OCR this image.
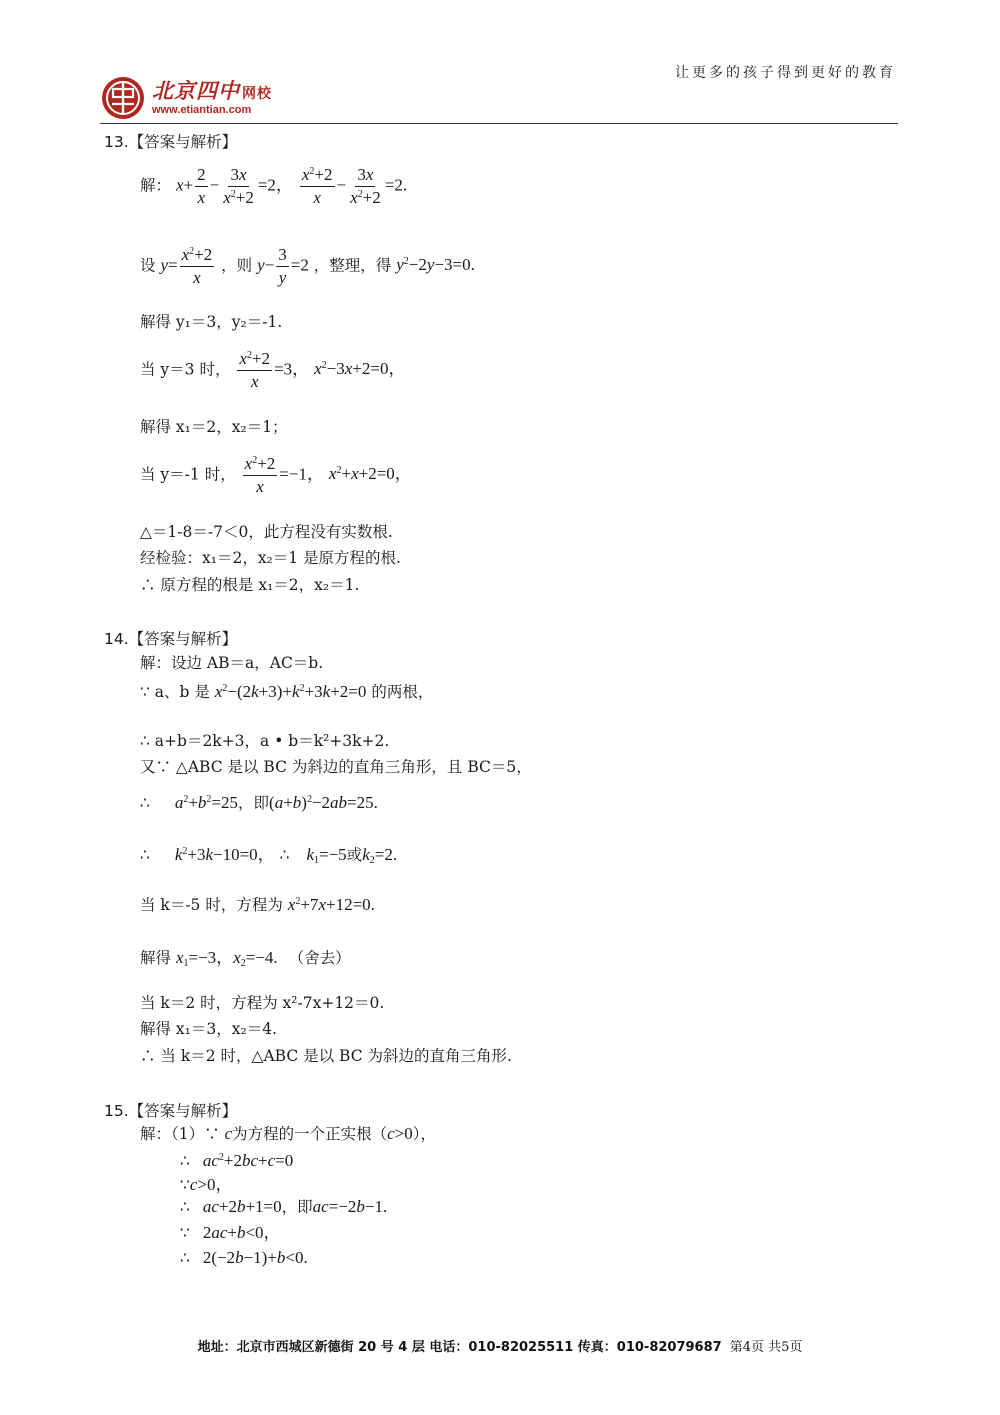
北京四中 网校
www.etiantian.com
让更多的孩子得到更好的教育
13.【答案与解析】
解： $x+ \frac{2}{x} - \frac{3x}{x^2+2} =2$， $\frac{x^2+2}{x} - \frac{3x}{x^2+2} =2$.
设 $y= \frac{x^2+2}{x}$ ，则 $y- \frac{3}{y} =2$ ，整理，得 $y^2-2y-3=0$.
解得 y₁＝3，y₂＝-1.
当 y＝3 时， $\frac{x^2+2}{x} =3$， $x^2-3x+2=0$，
解得 x₁＝2，x₂＝1；
当 y＝-1 时， $\frac{x^2+2}{x} =-1$， $x^2+x+2=0$，
△＝1-8＝-7＜0，此方程没有实数根.
经检验：x₁＝2，x₂＝1 是原方程的根.
∴ 原方程的根是 x₁＝2，x₂＝1.
14.【答案与解析】
解：设边 AB＝a，AC＝b.
∵ a、b 是 $x^2-(2k+3)+k^2+3k+2=0$ 的两根，
∴ a+b＝2k+3，a • b＝k²+3k+2.
又∵ △ABC 是以 BC 为斜边的直角三角形，且 BC＝5，
∴ $a^2+b^2=25$，即$(a+b)^2-2ab=25$.
∴ $k^2+3k-10=0$， ∴ $k_1=-5$或$k_2=2$.
当 k＝-5 时，方程为 $x^2+7x+12=0$.
解得 $x_1=-3$，$x_2=-4$. （舍去）
当 k＝2 时，方程为 x²-7x+12＝0.
解得 x₁＝3，x₂＝4.
∴ 当 k＝2 时，△ABC 是以 BC 为斜边的直角三角形.
15.【答案与解析】
解：（1）∵ c为方程的一个正实根（c>0），
∴ $ac^2+2bc+c=0$
∵c>0，
∴ ac+2b+1=0，即ac=−2b−1.
∵ 2ac+b<0，
∴ 2(−2b−1)+b<0.
地址：北京市西城区新德街 20 号 4 层 电话：010-82025511 传真：010-82079687 第4页 共5页
